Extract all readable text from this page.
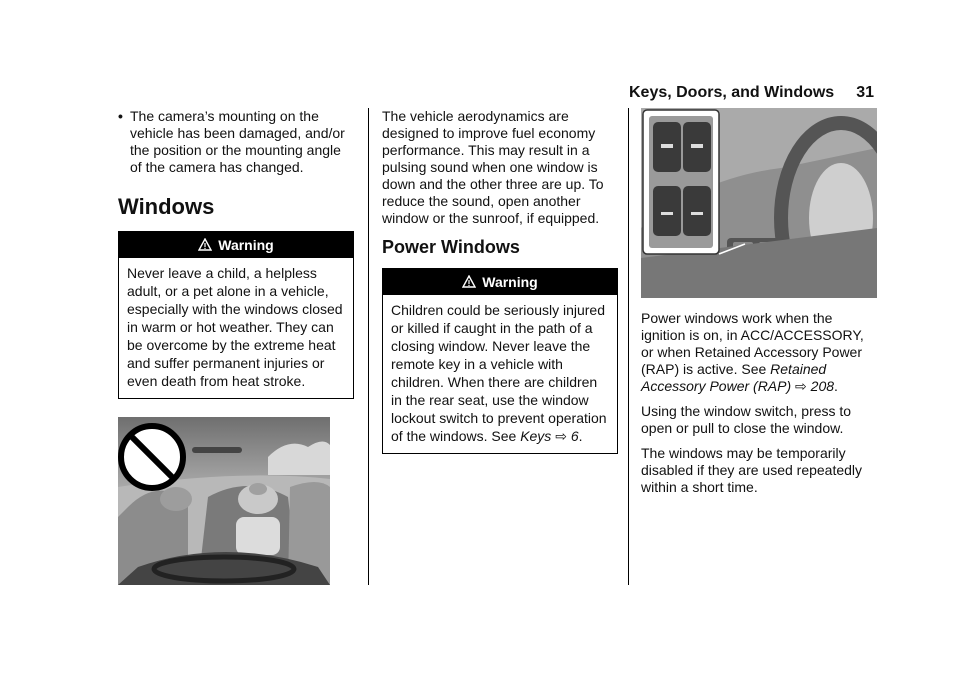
Keys, Doors, and Windows 31

• The camera’s mounting on the vehicle has been damaged, and/or the position or the mounting angle of the camera has changed.

Windows
Warning
Never leave a child, a helpless adult, or a pet alone in a vehicle, especially with the windows closed in warm or hot weather. They can be overcome by the extreme heat and suffer permanent injuries or even death from heat stroke.

The vehicle aerodynamics are designed to improve fuel economy performance. This may result in a pulsing sound when one window is down and the other three are up. To reduce the sound, open another window or the sunroof, if equipped.

Power Windows
Warning
Children could be seriously injured or killed if caught in the path of a closing window. Never leave the remote key in a vehicle with children. When there are children in the rear seat, use the window lockout switch to prevent operation of the windows. See Keys ⇨ 6.

Power windows work when the ignition is on, in ACC/ACCESSORY, or when Retained Accessory Power (RAP) is active. See Retained Accessory Power (RAP) ⇨ 208.

Using the window switch, press to open or pull to close the window.

The windows may be temporarily disabled if they are used repeatedly within a short time.
